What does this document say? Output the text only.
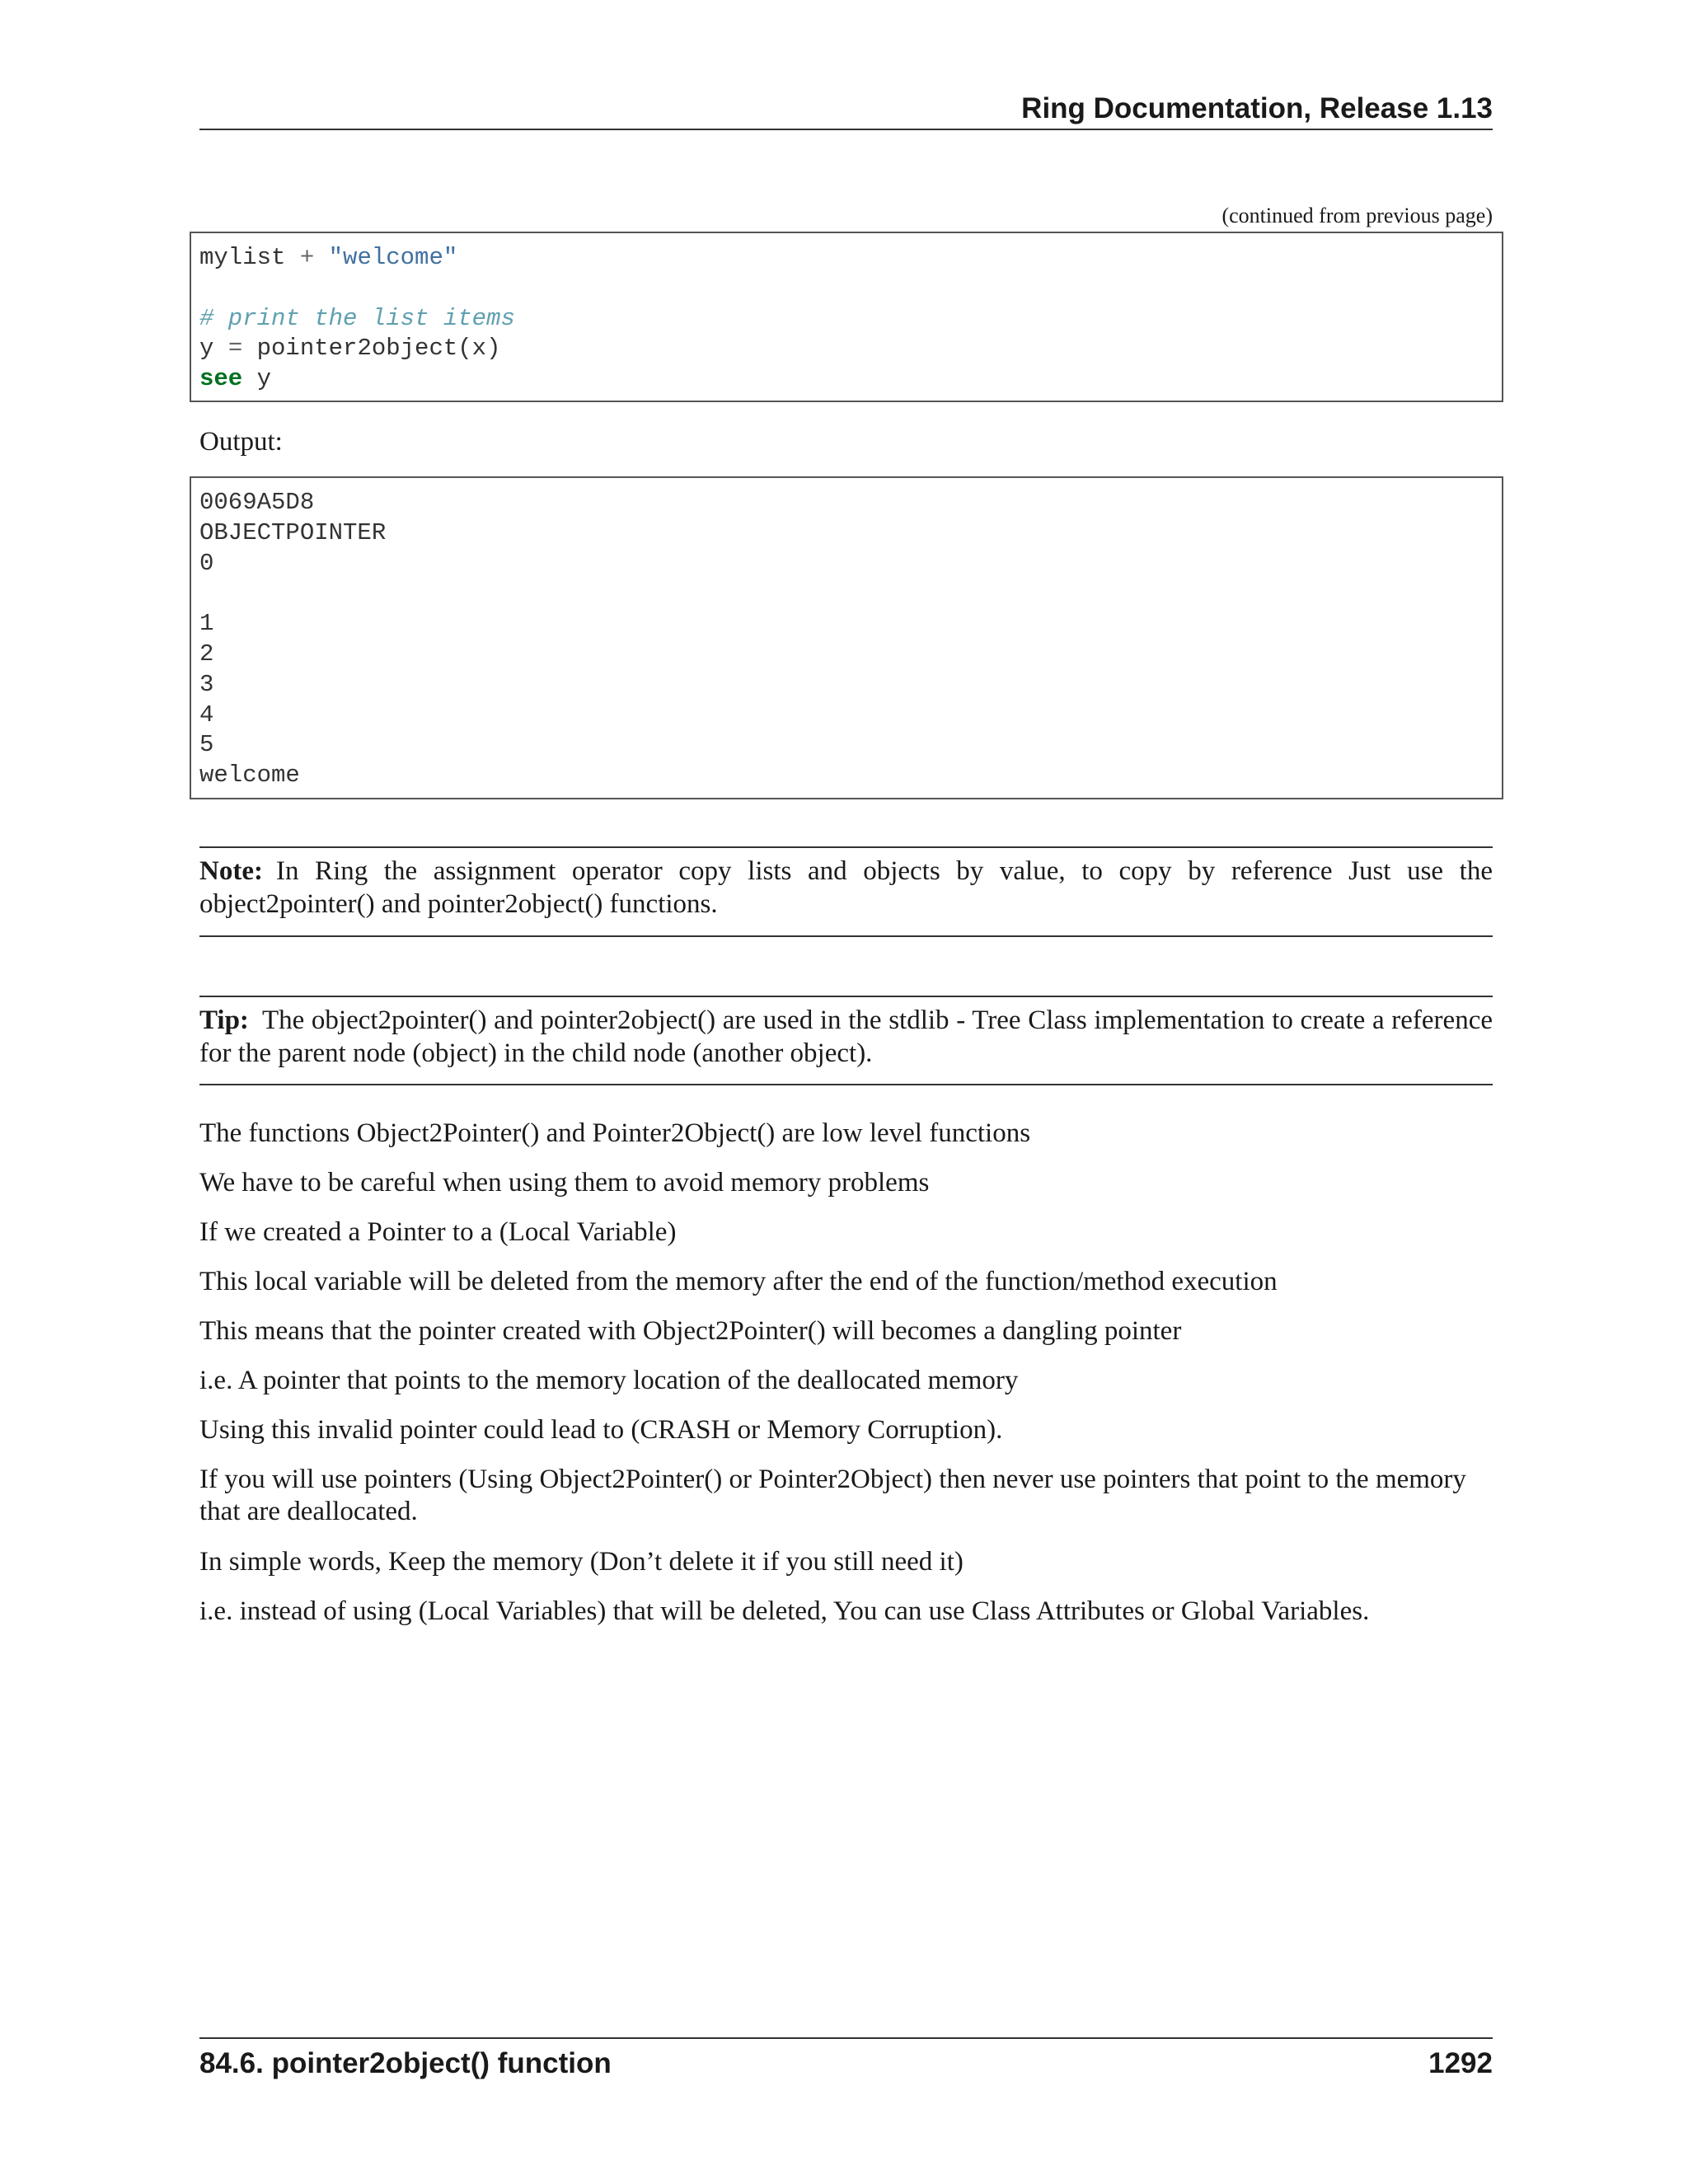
Ring Documentation, Release 1.13
(continued from previous page)
mylist + "welcome"
# print the list items
y = pointer2object(x)
see y
Output:
0069A5D8
OBJECTPOINTER
0
1
2
3
4
5
welcome
Note: In Ring the assignment operator copy lists and objects by value, to copy by reference Just use the object2pointer() and pointer2object() functions.
Tip: The object2pointer() and pointer2object() are used in the stdlib - Tree Class implementation to create a reference for the parent node (object) in the child node (another object).
The functions Object2Pointer() and Pointer2Object() are low level functions
We have to be careful when using them to avoid memory problems
If we created a Pointer to a (Local Variable)
This local variable will be deleted from the memory after the end of the function/method execution
This means that the pointer created with Object2Pointer() will becomes a dangling pointer
i.e. A pointer that points to the memory location of the deallocated memory
Using this invalid pointer could lead to (CRASH or Memory Corruption).
If you will use pointers (Using Object2Pointer() or Pointer2Object) then never use pointers that point to the memory that are deallocated.
In simple words, Keep the memory (Don’t delete it if you still need it)
i.e. instead of using (Local Variables) that will be deleted, You can use Class Attributes or Global Variables.
84.6. pointer2object() function	1292
